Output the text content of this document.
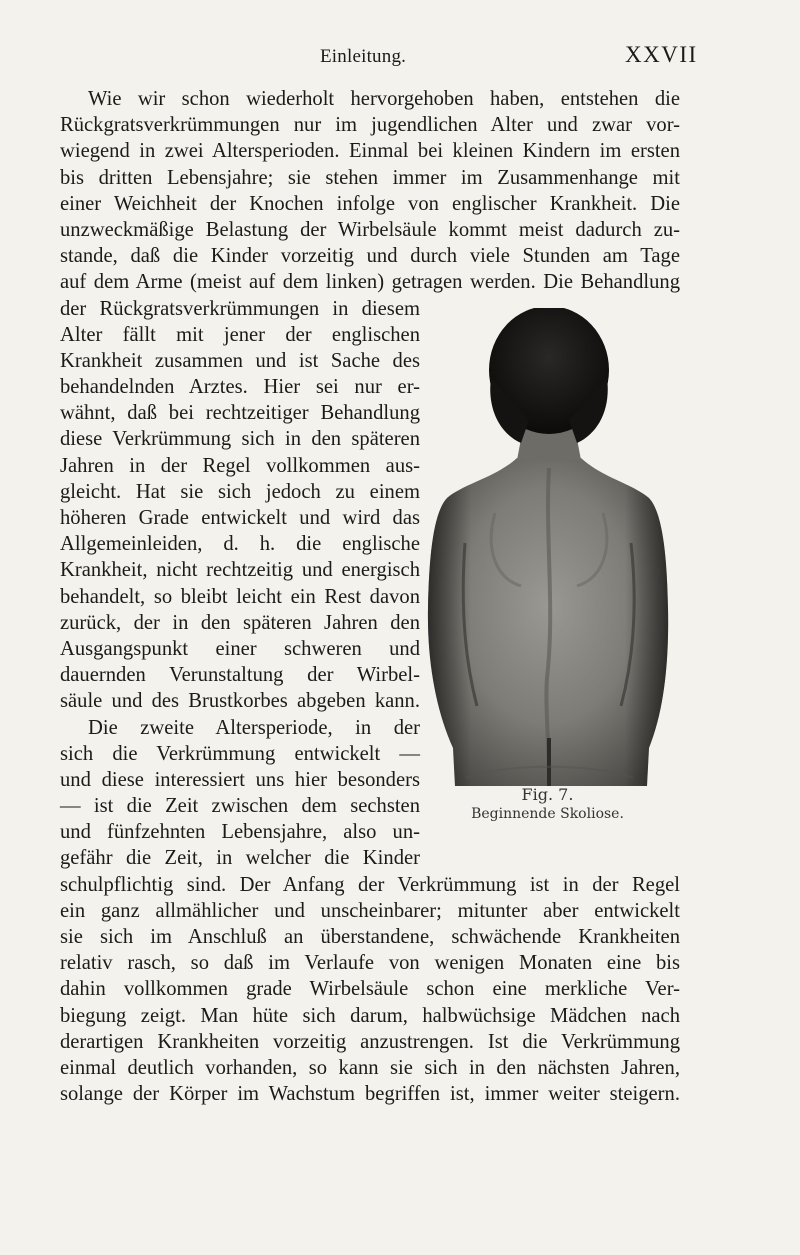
Einleitung.	XXVII
Wie wir schon wiederholt hervorgehoben haben, entstehen die
Rückgratsverkrümmungen nur im jugendlichen Alter und zwar vor-
wiegend in zwei Altersperioden. Einmal bei kleinen Kindern im ersten
bis dritten Lebensjahre; sie stehen immer im Zusammenhange mit
einer Weichheit der Knochen infolge von englischer Krankheit. Die
unzweckmäßige Belastung der Wirbelsäule kommt meist dadurch zu-
stande, daß die Kinder vorzeitig und durch viele Stunden am Tage
auf dem Arme (meist auf dem linken) getragen werden. Die Behandlung
der Rückgratsverkrümmungen in diesem
Alter fällt mit jener der englischen
Krankheit zusammen und ist Sache des
behandelnden Arztes. Hier sei nur er-
wähnt, daß bei rechtzeitiger Behandlung
diese Verkrümmung sich in den späteren
Jahren in der Regel vollkommen aus-
gleicht. Hat sie sich jedoch zu einem
höheren Grade entwickelt und wird das
Allgemeinleiden, d. h. die englische
Krankheit, nicht rechtzeitig und energisch
behandelt, so bleibt leicht ein Rest davon
zurück, der in den späteren Jahren den
Ausgangspunkt einer schweren und
dauernden Verunstaltung der Wirbel-
säule und des Brustkorbes abgeben kann.
Die zweite Altersperiode, in der
sich die Verkrümmung entwickelt —
und diese interessiert uns hier besonders
— ist die Zeit zwischen dem sechsten
und fünfzehnten Lebensjahre, also un-
gefähr die Zeit, in welcher die Kinder
schulpflichtig sind. Der Anfang der Verkrümmung ist in der Regel
ein ganz allmählicher und unscheinbarer; mitunter aber entwickelt
sie sich im Anschluß an überstandene, schwächende Krankheiten
relativ rasch, so daß im Verlaufe von wenigen Monaten eine bis
dahin vollkommen grade Wirbelsäule schon eine merkliche Ver-
biegung zeigt. Man hüte sich darum, halbwüchsige Mädchen nach
derartigen Krankheiten vorzeitig anzustrengen. Ist die Verkrümmung
einmal deutlich vorhanden, so kann sie sich in den nächsten Jahren,
solange der Körper im Wachstum begriffen ist, immer weiter steigern.
Fig. 7.
Beginnende Skoliose.
